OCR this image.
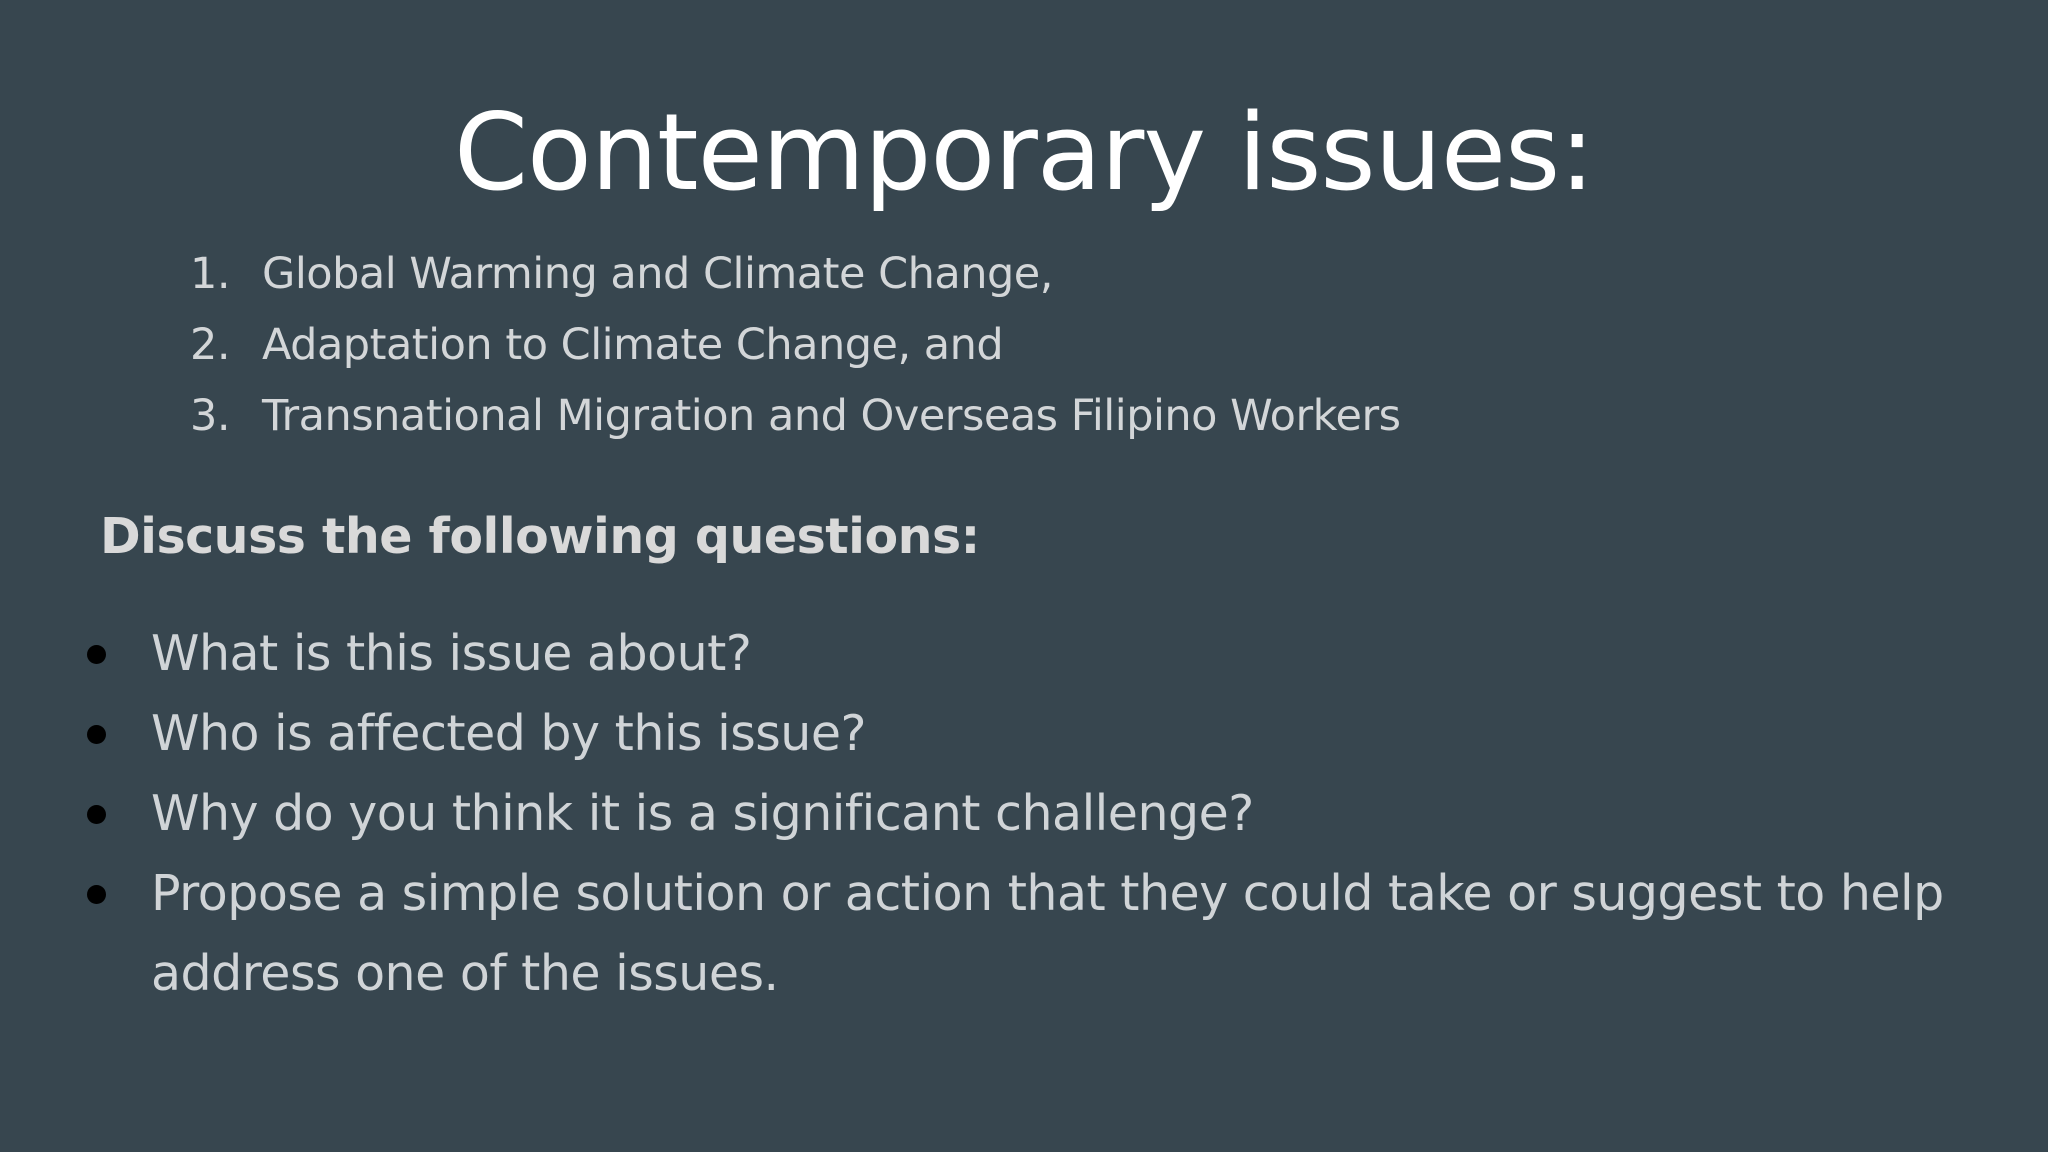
Contemporary issues:
1. Global Warming and Climate Change,
2. Adaptation to Climate Change, and
3. Transnational Migration and Overseas Filipino Workers
Discuss the following questions:
What is this issue about?
Who is affected by this issue?
Why do you think it is a significant challenge?
Propose a simple solution or action that they could take or suggest to help address one of the issues.
